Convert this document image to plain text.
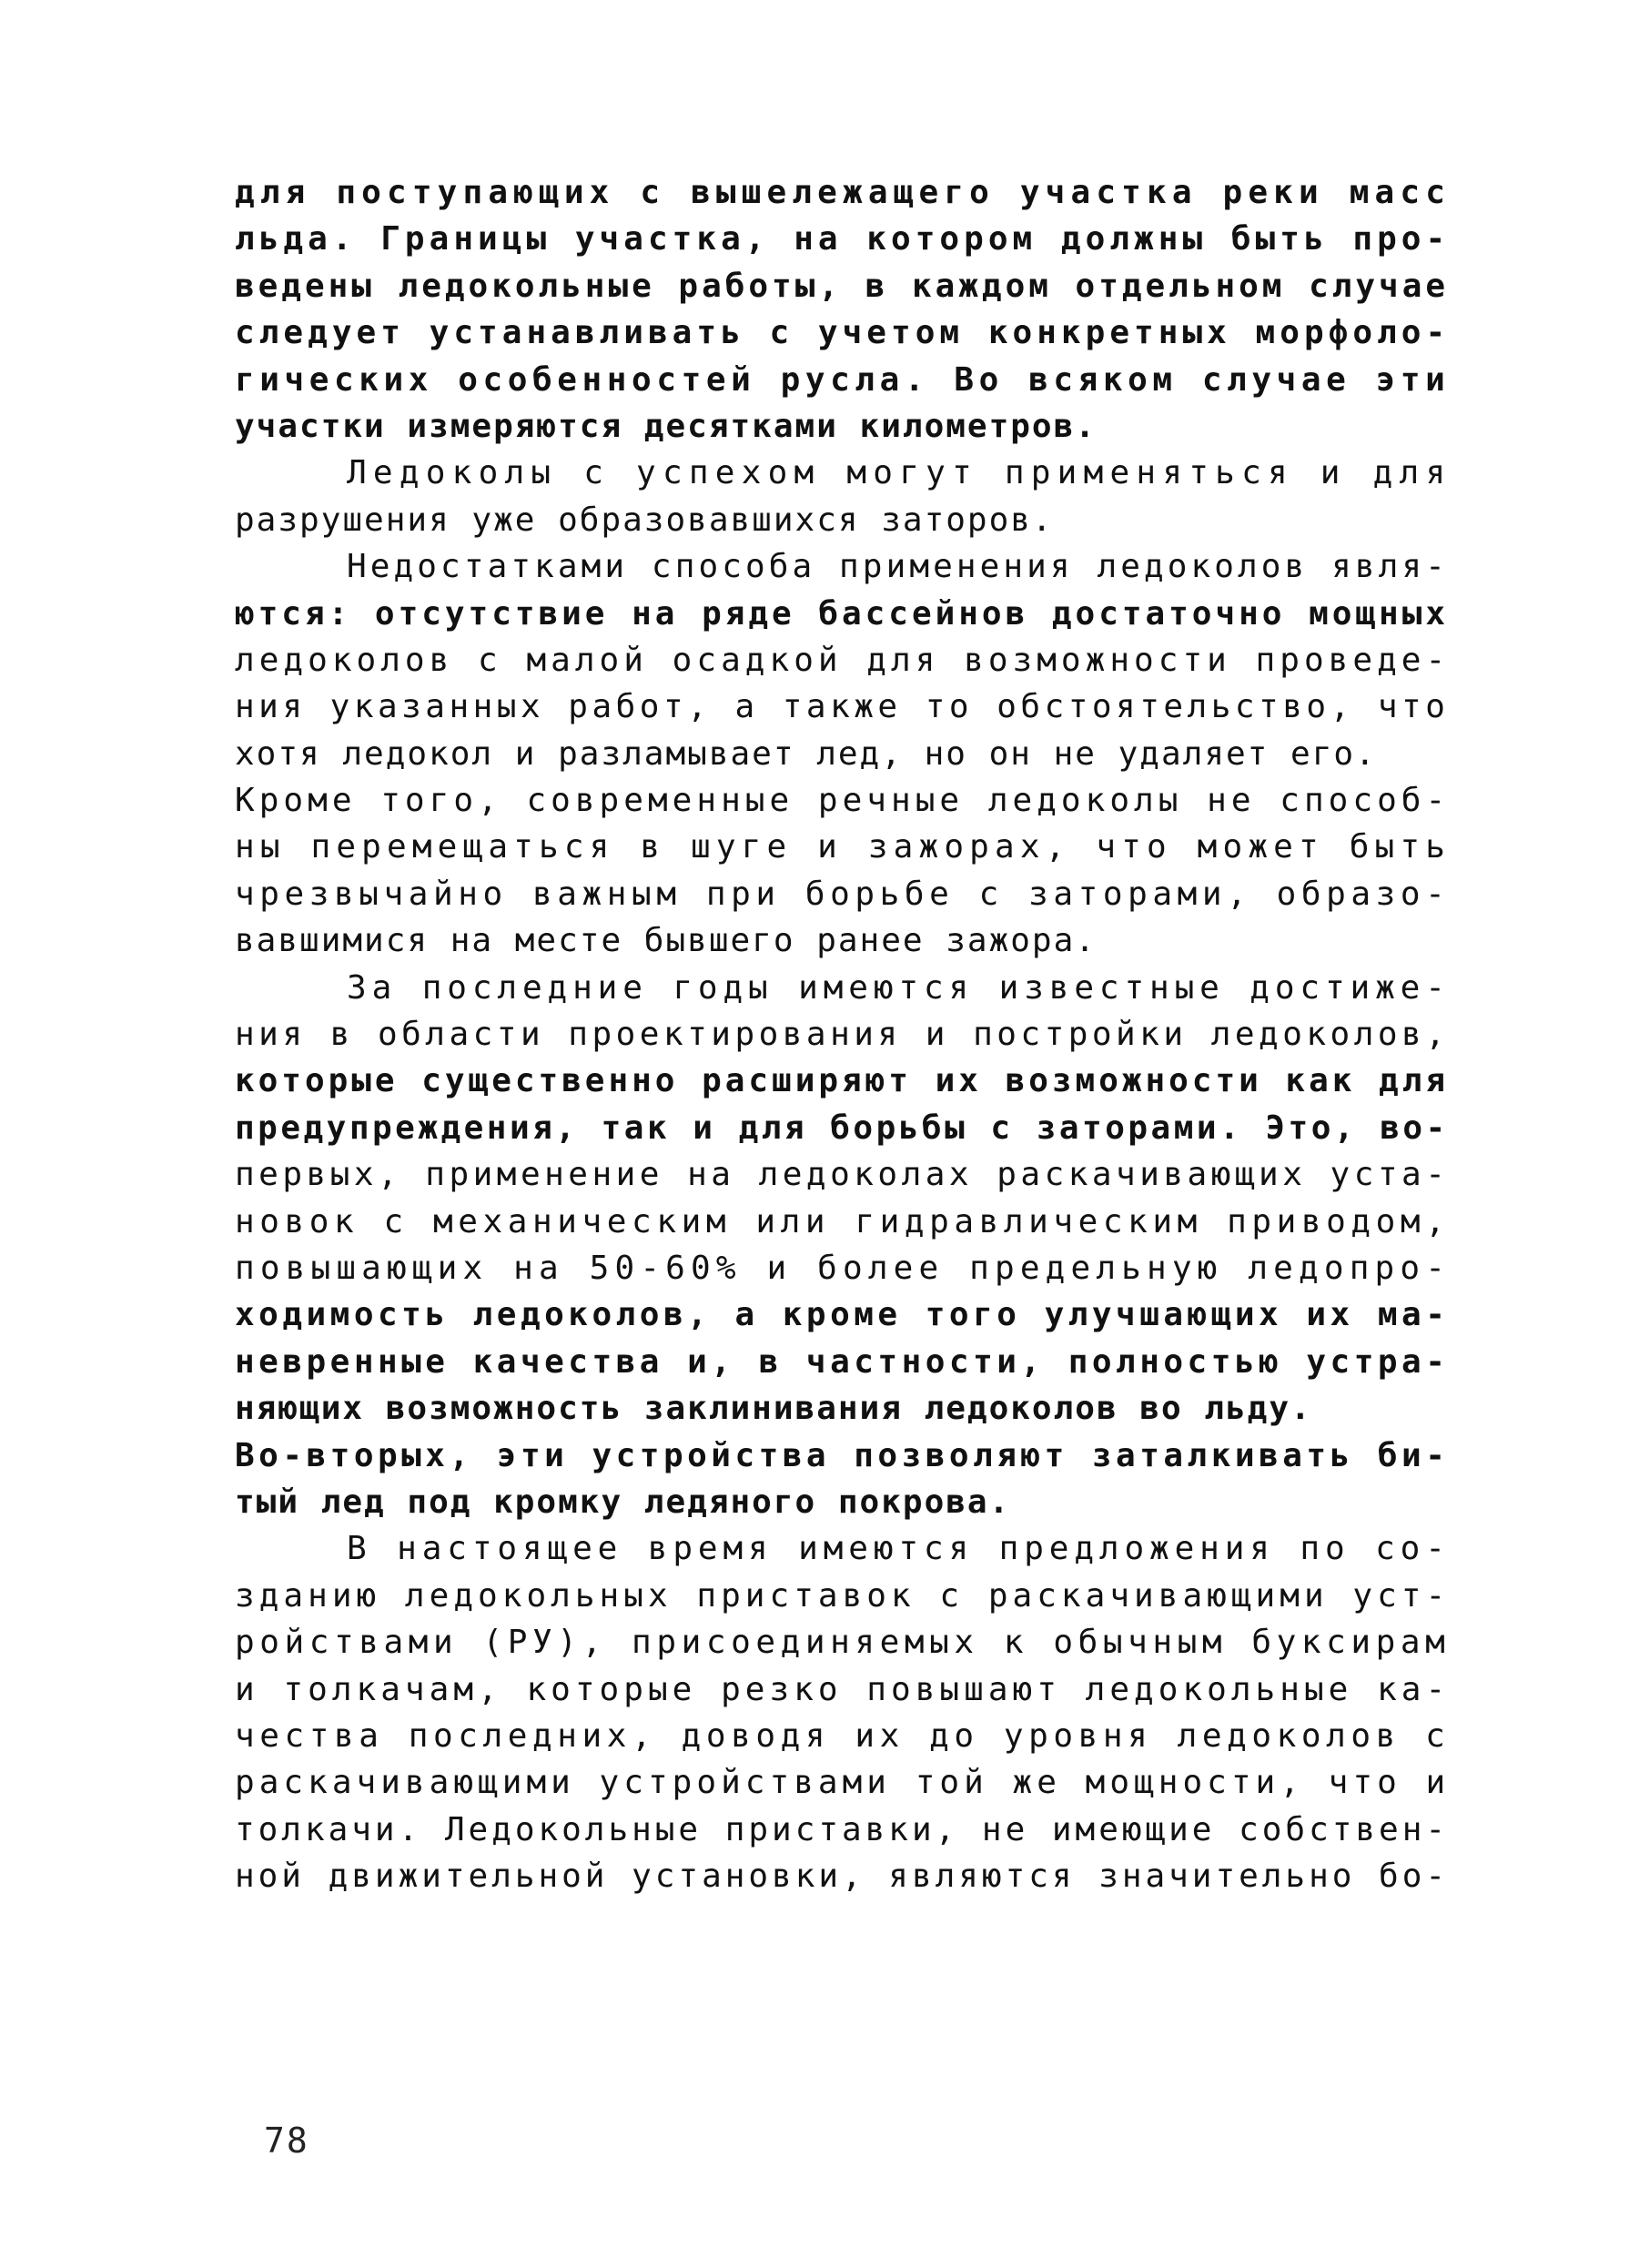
для поступающих с вышележащего участка реки масс
льда. Границы участка, на котором должны быть про-
ведены ледокольные работы, в каждом отдельном случае
следует устанавливать с учетом конкретных морфоло-
гических особенностей русла. Во всяком случае эти
участки измеряются десятками километров.
Ледоколы с успехом могут применяться и для
разрушения уже образовавшихся заторов.
Недостатками способа применения ледоколов явля-
ются: отсутствие на ряде бассейнов достаточно мощных
ледоколов с малой осадкой для возможности проведе-
ния указанных работ, а также то обстоятельство, что
хотя ледокол и разламывает лед, но он не удаляет его.
Кроме того, современные речные ледоколы не способ-
ны перемещаться в шуге и зажорах, что может быть
чрезвычайно важным при борьбе с заторами, образо-
вавшимися на месте бывшего ранее зажора.
За последние годы имеются известные достиже-
ния в области проектирования и постройки ледоколов,
которые существенно расширяют их возможности как для
предупреждения, так и для борьбы с заторами. Это, во-
первых, применение на ледоколах раскачивающих уста-
новок с механическим или гидравлическим приводом,
повышающих на 50-60% и более предельную ледопро-
ходимость ледоколов, а кроме того улучшающих их ма-
невренные качества и, в частности, полностью устра-
няющих возможность заклинивания ледоколов во льду.
Во-вторых, эти устройства позволяют заталкивать би-
тый лед под кромку ледяного покрова.
В настоящее время имеются предложения по со-
зданию ледокольных приставок с раскачивающими уст-
ройствами (РУ), присоединяемых к обычным буксирам
и толкачам, которые резко повышают ледокольные ка-
чества последних, доводя их до уровня ледоколов с
раскачивающими устройствами той же мощности, что и
толкачи. Ледокольные приставки, не имеющие собствен-
ной движительной установки, являются значительно бо-
78
